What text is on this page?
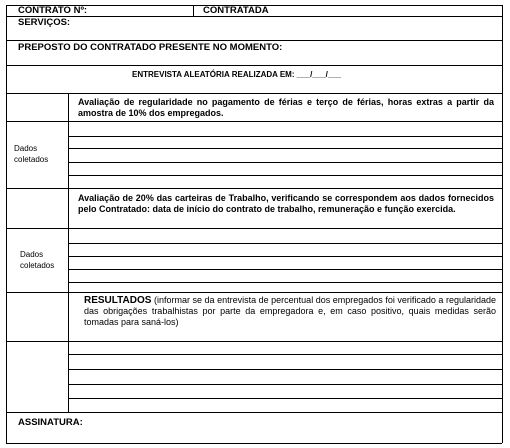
CONTRATO Nº:	CONTRATADA
SERVIÇOS:
PREPOSTO DO CONTRATADO PRESENTE NO MOMENTO:
ENTREVISTA ALEATÓRIA REALIZADA EM: ___/___/___
Avaliação de regularidade no pagamento de férias e terço de férias, horas extras a partir da amostra de 10% dos empregados.
Dados
coletados
Avaliação de 20% das carteiras de Trabalho, verificando se correspondem aos dados fornecidos pelo Contratado: data de início do contrato de trabalho, remuneração e função exercida.
Dados
coletados
RESULTADOS (informar se da entrevista de percentual dos empregados foi verificado a regularidade das obrigações trabalhistas por parte da empregadora e, em caso positivo, quais medidas serão tomadas para saná-los)
ASSINATURA:
